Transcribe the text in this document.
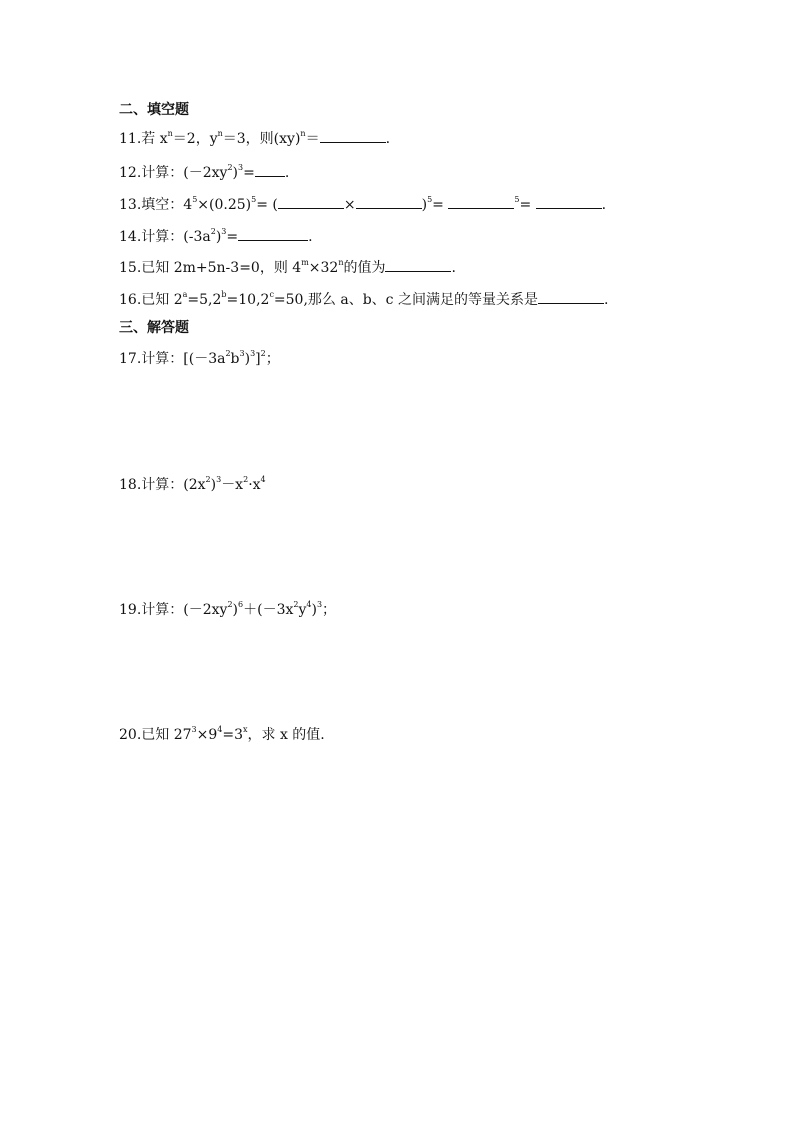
二、填空题
11.若 $x^n=2$，$y^n=3$，则(xy)$^n$＝	.
12.计算：$(-2xy^2)^3=$ .
13.填空：$4^5\times(0.25)^5=$ (	×	)$^5$=	$^5$=	.
14.计算：$(-3a^2)^3=$	.
15.已知 2m+5n-3=0，则 $4^m\times 32^n$的值为	.
16.已知 $2^a=5,2^b=10,2^c=50$,那么 a、b、c 之间满足的等量关系是	.
三、解答题
17.计算：$[(-3a^2b^3)^3]^2$；
18.计算：$(2x^2)^3-x^2\cdot x^4$
19.计算：$(-2xy^2)^6+(-3x^2y^4)^3$；
20.已知 $27^3\times 9^4=3^x$，求 x 的值.
